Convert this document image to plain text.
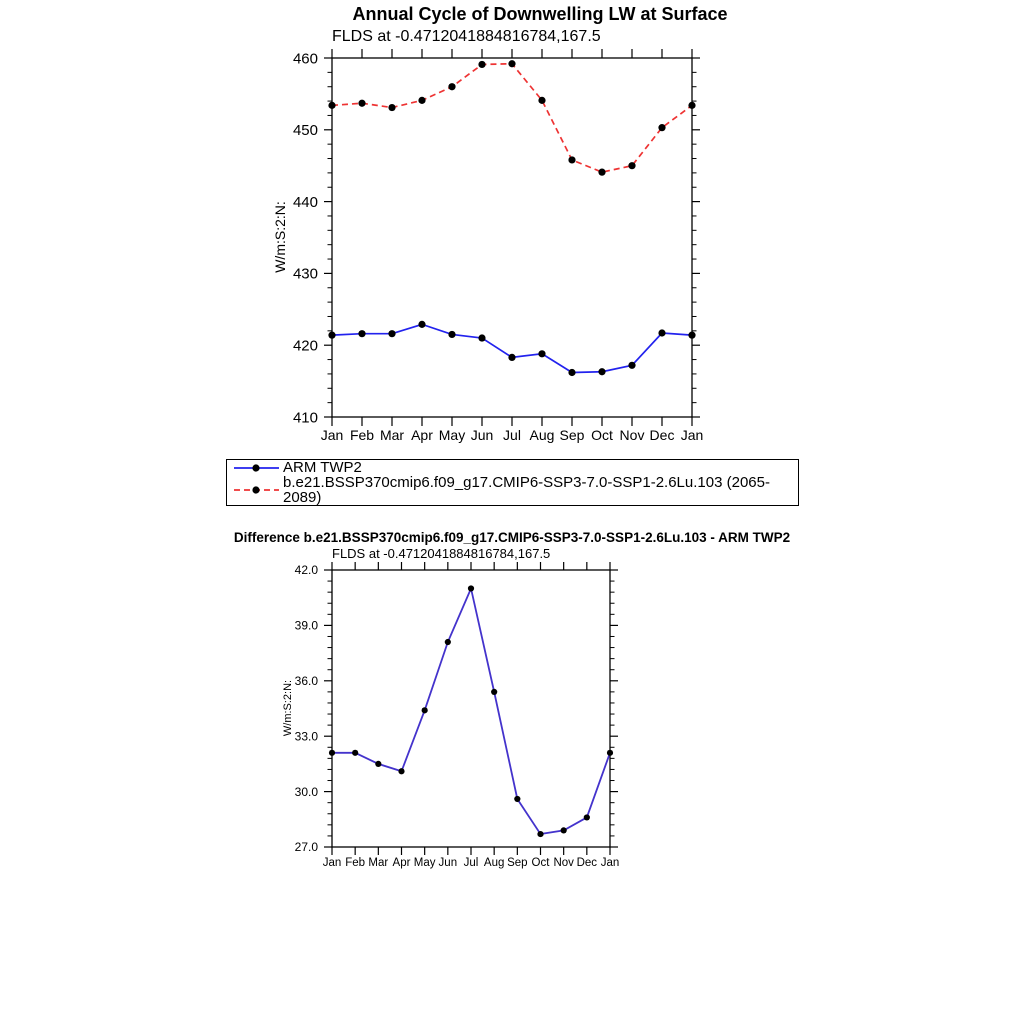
Annual Cycle of Downwelling LW at Surface
FLDS at -0.4712041884816784,167.5
W/m:S:2:N:
Jan Feb Mar Apr May Jun Jul Aug Sep Oct Nov Dec Jan
410
420
430
440
450
460
Jan Feb Mar Apr May Jun Jul Aug Sep Oct Nov Dec Jan
27.0
30.0
33.0
36.0
39.0
42.0
ARM TWP2
b.e21.BSSP370cmip6.f09_g17.CMIP6-SSP3-7.0-SSP1-2.6Lu.103 (2065-2089)
Difference b.e21.BSSP370cmip6.f09_g17.CMIP6-SSP3-7.0-SSP1-2.6Lu.103 - ARM TWP2
FLDS at -0.4712041884816784,167.5
W/m:S:2:N:
